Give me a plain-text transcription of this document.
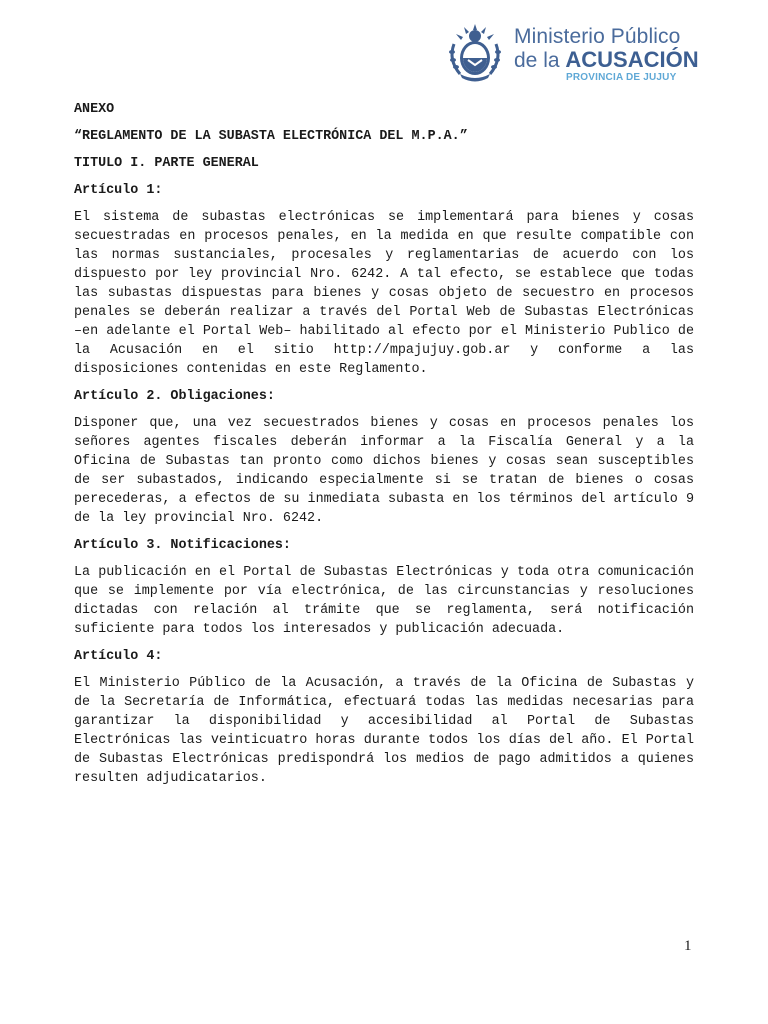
Ministerio Público
de la ACUSACIÓN
PROVINCIA DE JUJUY
ANEXO
“REGLAMENTO DE LA SUBASTA ELECTRÓNICA DEL M.P.A.”
TITULO I. PARTE GENERAL
Artículo 1:
El sistema de subastas electrónicas se implementará para bienes y cosas secuestradas en procesos penales, en la medida en que resulte compatible con las normas sustanciales, procesales y reglamentarias de acuerdo con los dispuesto por ley provincial Nro. 6242. A tal efecto, se establece que todas las subastas dispuestas para bienes y cosas objeto de secuestro en procesos penales se deberán realizar a través del Portal Web de Subastas Electrónicas –en adelante el Portal Web– habilitado al efecto por el Ministerio Publico de la Acusación en el sitio http://mpajujuy.gob.ar y conforme a las disposiciones contenidas en este Reglamento.
Artículo 2. Obligaciones:
Disponer que, una vez secuestrados bienes y cosas en procesos penales los señores agentes fiscales deberán informar a la Fiscalía General y a la Oficina de Subastas tan pronto como dichos bienes y cosas sean susceptibles de ser subastados, indicando especialmente si se tratan de bienes o cosas perecederas, a efectos de su inmediata subasta en los términos del artículo 9 de la ley provincial Nro. 6242.
Artículo 3. Notificaciones:
La publicación en el Portal de Subastas Electrónicas y toda otra comunicación que se implemente por vía electrónica, de las circunstancias y resoluciones dictadas con relación al trámite que se reglamenta, será notificación suficiente para todos los interesados y publicación adecuada.
Artículo 4:
El Ministerio Público de la Acusación, a través de la Oficina de Subastas y de la Secretaría de Informática, efectuará todas las medidas necesarias para garantizar la disponibilidad y accesibilidad al Portal de Subastas Electrónicas las veinticuatro horas durante todos los días del año. El Portal de Subastas Electrónicas predispondrá los medios de pago admitidos a quienes resulten adjudicatarios.
1
